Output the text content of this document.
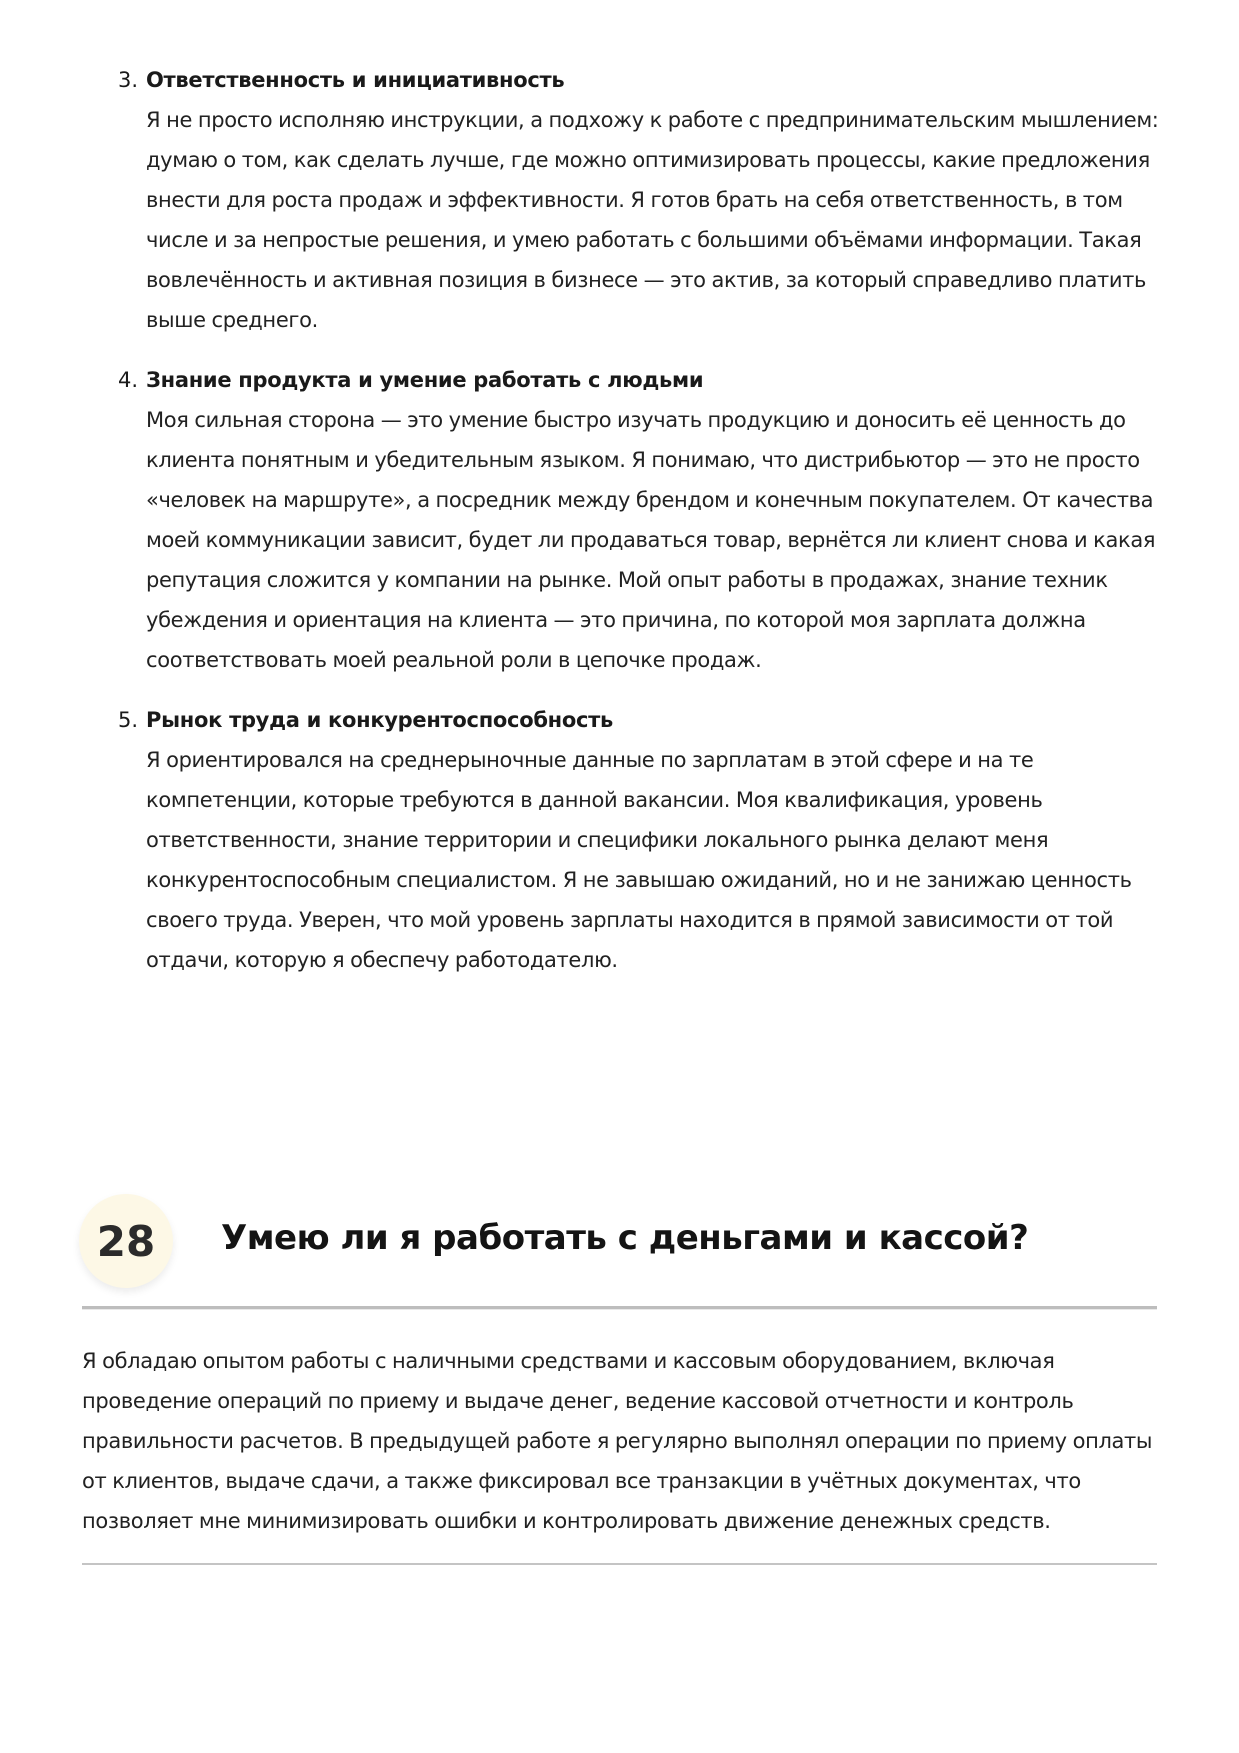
3. Ответственность и инициативность
Я не просто исполняю инструкции, а подхожу к работе с предпринимательским мышлением: думаю о том, как сделать лучше, где можно оптимизировать процессы, какие предложения внести для роста продаж и эффективности. Я готов брать на себя ответственность, в том числе и за непростые решения, и умею работать с большими объёмами информации. Такая вовлечённость и активная позиция в бизнесе — это актив, за который справедливо платить выше среднего.
4. Знание продукта и умение работать с людьми
Моя сильная сторона — это умение быстро изучать продукцию и доносить её ценность до клиента понятным и убедительным языком. Я понимаю, что дистрибьютор — это не просто «человек на маршруте», а посредник между брендом и конечным покупателем. От качества моей коммуникации зависит, будет ли продаваться товар, вернётся ли клиент снова и какая репутация сложится у компании на рынке. Мой опыт работы в продажах, знание техник убеждения и ориентация на клиента — это причина, по которой моя зарплата должна соответствовать моей реальной роли в цепочке продаж.
5. Рынок труда и конкурентоспособность
Я ориентировался на среднерыночные данные по зарплатам в этой сфере и на те компетенции, которые требуются в данной вакансии. Моя квалификация, уровень ответственности, знание территории и специфики локального рынка делают меня конкурентоспособным специалистом. Я не завышаю ожиданий, но и не занижаю ценность своего труда. Уверен, что мой уровень зарплаты находится в прямой зависимости от той отдачи, которую я обеспечу работодателю.
28	Умею ли я работать с деньгами и кассой?
Я обладаю опытом работы с наличными средствами и кассовым оборудованием, включая проведение операций по приему и выдаче денег, ведение кассовой отчетности и контроль правильности расчетов. В предыдущей работе я регулярно выполнял операции по приему оплаты от клиентов, выдаче сдачи, а также фиксировал все транзакции в учётных документах, что позволяет мне минимизировать ошибки и контролировать движение денежных средств.
